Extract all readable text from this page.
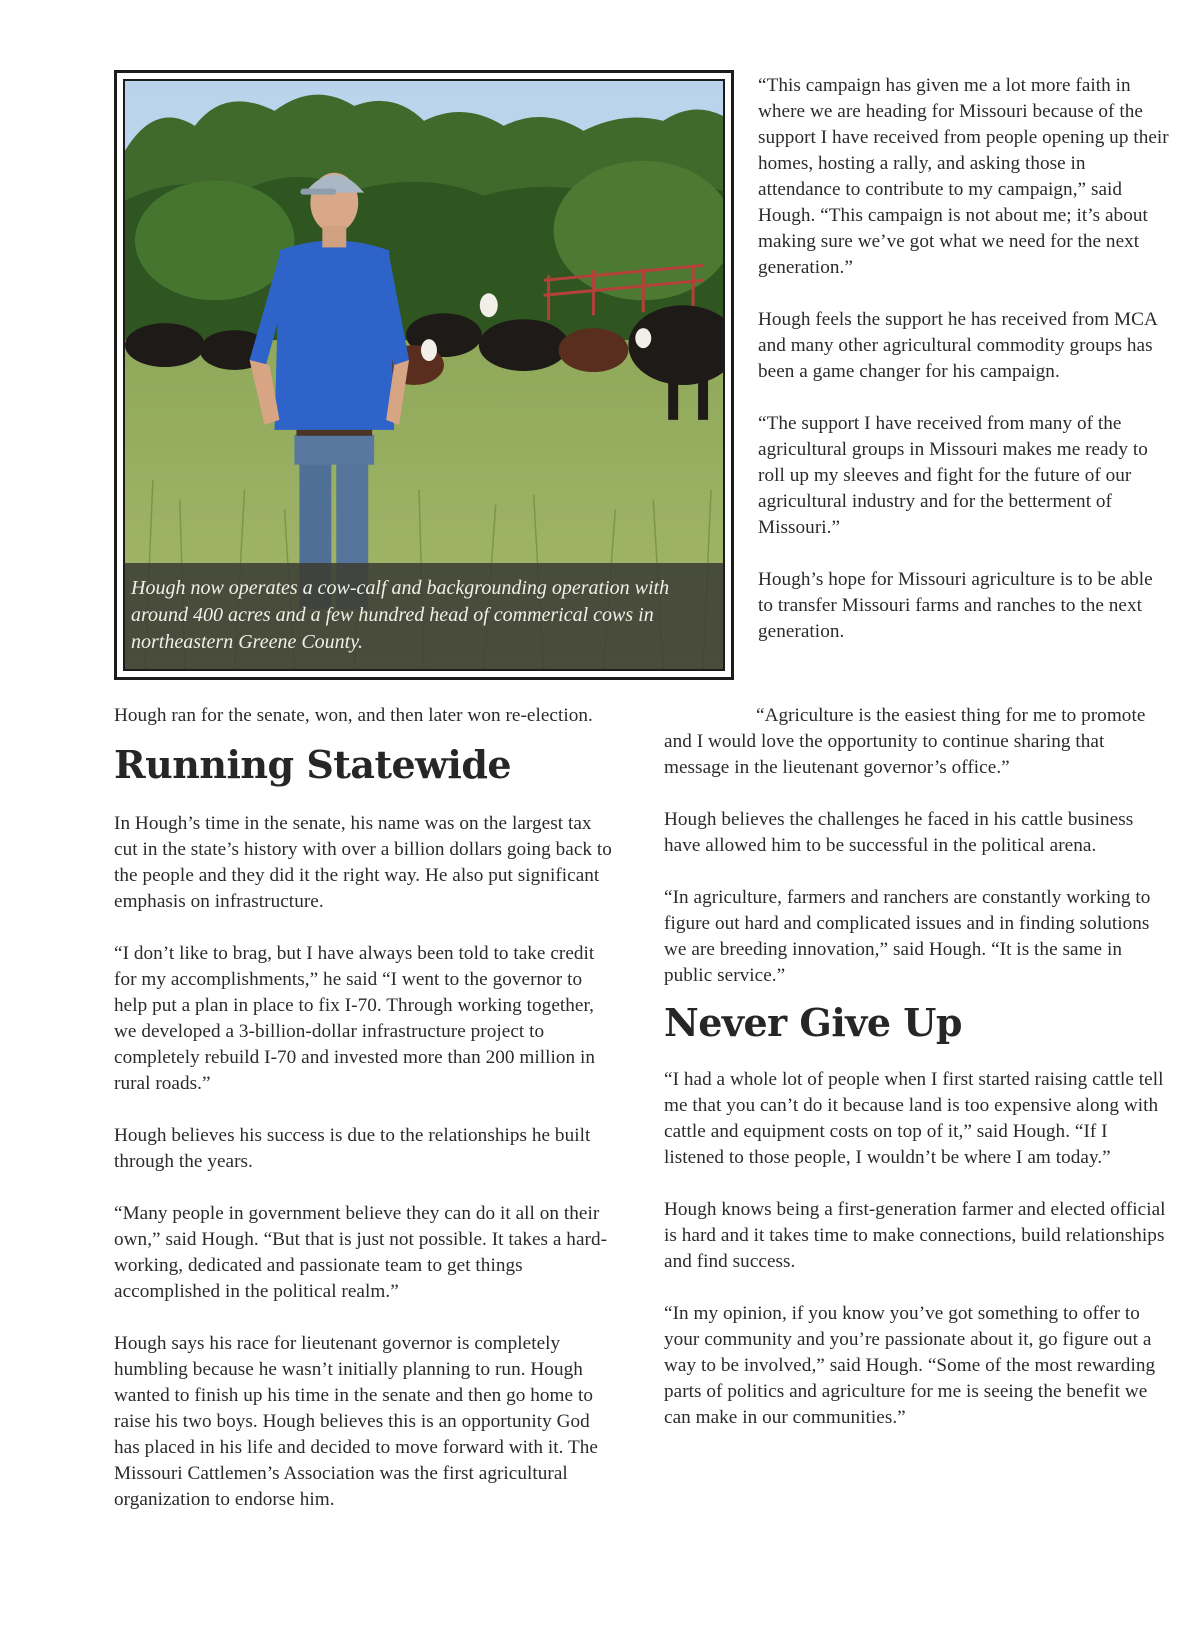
Hough now operates a cow-calf and backgrounding operation with around 400 acres and a few hundred head of commerical cows in northeastern Greene County.

“This campaign has given me a lot more faith in where we are heading for Missouri because of the support I have received from people opening up their homes, hosting a rally, and asking those in attendance to contribute to my campaign,” said Hough. “This campaign is not about me; it’s about making sure we’ve got what we need for the next generation.”

Hough feels the support he has received from MCA and many other agricultural commodity groups has been a game changer for his campaign.

“The support I have received from many of the agricultural groups in Missouri makes me ready to roll up my sleeves and fight for the future of our agricultural industry and for the betterment of Missouri.”

Hough’s hope for Missouri agriculture is to be able to transfer Missouri farms and ranches to the next generation.

Hough ran for the senate, won, and then later won re-election.

Running Statewide

In Hough’s time in the senate, his name was on the largest tax cut in the state’s history with over a billion dollars going back to the people and they did it the right way. He also put significant emphasis on infrastructure.

“I don’t like to brag, but I have always been told to take credit for my accomplishments,” he said “I went to the governor to help put a plan in place to fix I-70. Through working together, we developed a 3-billion-dollar infrastructure project to completely rebuild I-70 and invested more than 200 million in rural roads.”

Hough believes his success is due to the relationships he built through the years.

“Many people in government believe they can do it all on their own,” said Hough. “But that is just not possible. It takes a hard-working, dedicated and passionate team to get things accomplished in the political realm.”

Hough says his race for lieutenant governor is completely humbling because he wasn’t initially planning to run. Hough wanted to finish up his time in the senate and then go home to raise his two boys. Hough believes this is an opportunity God has placed in his life and decided to move forward with it. The Missouri Cattlemen’s Association was the first agricultural organization to endorse him.

“Agriculture is the easiest thing for me to promote and I would love the opportunity to continue sharing that message in the lieutenant governor’s office.”

Hough believes the challenges he faced in his cattle business have allowed him to be successful in the political arena.

“In agriculture, farmers and ranchers are constantly working to figure out hard and complicated issues and in finding solutions we are breeding innovation,” said Hough. “It is the same in public service.”

Never Give Up

“I had a whole lot of people when I first started raising cattle tell me that you can’t do it because land is too expensive along with cattle and equipment costs on top of it,” said Hough. “If I listened to those people, I wouldn’t be where I am today.”

Hough knows being a first-generation farmer and elected official is hard and it takes time to make connections, build relationships and find success.

“In my opinion, if you know you’ve got something to offer to your community and you’re passionate about it, go figure out a way to be involved,” said Hough. “Some of the most rewarding parts of politics and agriculture for me is seeing the benefit we can make in our communities.”
